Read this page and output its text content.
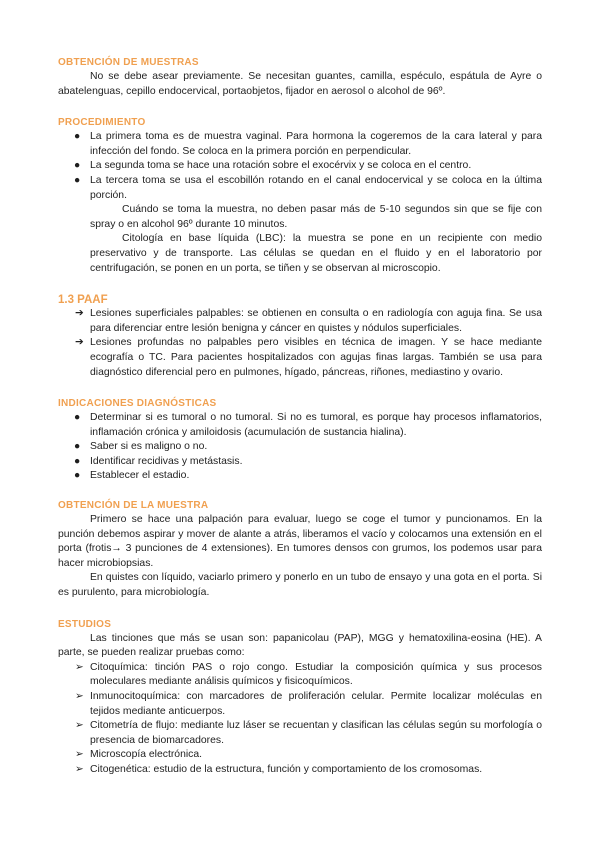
OBTENCIÓN DE MUESTRAS

No se debe asear previamente. Se necesitan guantes, camilla, espéculo, espátula de Ayre o abatelenguas, cepillo endocervical, portaobjetos, fijador en aerosol o alcohol de 96º.

PROCEDIMIENTO
● La primera toma es de muestra vaginal. Para hormona la cogeremos de la cara lateral y para infección del fondo. Se coloca en la primera porción en perpendicular.
● La segunda toma se hace una rotación sobre el exocérvix y se coloca en el centro.
● La tercera toma se usa el escobillón rotando en el canal endocervical y se coloca en la última porción.

Cuándo se toma la muestra, no deben pasar más de 5-10 segundos sin que se fije con spray o en alcohol 96º durante 10 minutos.

Citología en base líquida (LBC): la muestra se pone en un recipiente con medio preservativo y de transporte. Las células se quedan en el fluido y en el laboratorio por centrifugación, se ponen en un porta, se tiñen y se observan al microscopio.

1.3 PAAF
➔ Lesiones superficiales palpables: se obtienen en consulta o en radiología con aguja fina. Se usa para diferenciar entre lesión benigna y cáncer en quistes y nódulos superficiales.
➔ Lesiones profundas no palpables pero visibles en técnica de imagen. Y se hace mediante ecografía o TC. Para pacientes hospitalizados con agujas finas largas. También se usa para diagnóstico diferencial pero en pulmones, hígado, páncreas, riñones, mediastino y ovario.
INDICACIONES DIAGNÓSTICAS
● Determinar si es tumoral o no tumoral. Si no es tumoral, es porque hay procesos inflamatorios, inflamación crónica y amiloidosis (acumulación de sustancia hialina).
● Saber si es maligno o no.
● Identificar recidivas y metástasis.
● Establecer el estadio.
OBTENCIÓN DE LA MUESTRA

Primero se hace una palpación para evaluar, luego se coge el tumor y puncionamos. En la punción debemos aspirar y mover de alante a atrás, liberamos el vacío y colocamos una extensión en el porta (frotis→ 3 punciones de 4 extensiones). En tumores densos con grumos, los podemos usar para hacer microbiopsias.

En quistes con líquido, vaciarlo primero y ponerlo en un tubo de ensayo y una gota en el porta. Si es purulento, para microbiología.

ESTUDIOS

Las tinciones que más se usan son: papanicolau (PAP), MGG y hematoxilina-eosina (HE). A parte, se pueden realizar pruebas como:

➢ Citoquímica: tinción PAS o rojo congo. Estudiar la composición química y sus procesos moleculares mediante análisis químicos y fisicoquímicos.
➢ Inmunocitoquímica: con marcadores de proliferación celular. Permite localizar moléculas en tejidos mediante anticuerpos.
➢ Citometría de flujo: mediante luz láser se recuentan y clasifican las células según su morfología o presencia de biomarcadores.
➢ Microscopía electrónica.
➢ Citogenética: estudio de la estructura, función y comportamiento de los cromosomas.
